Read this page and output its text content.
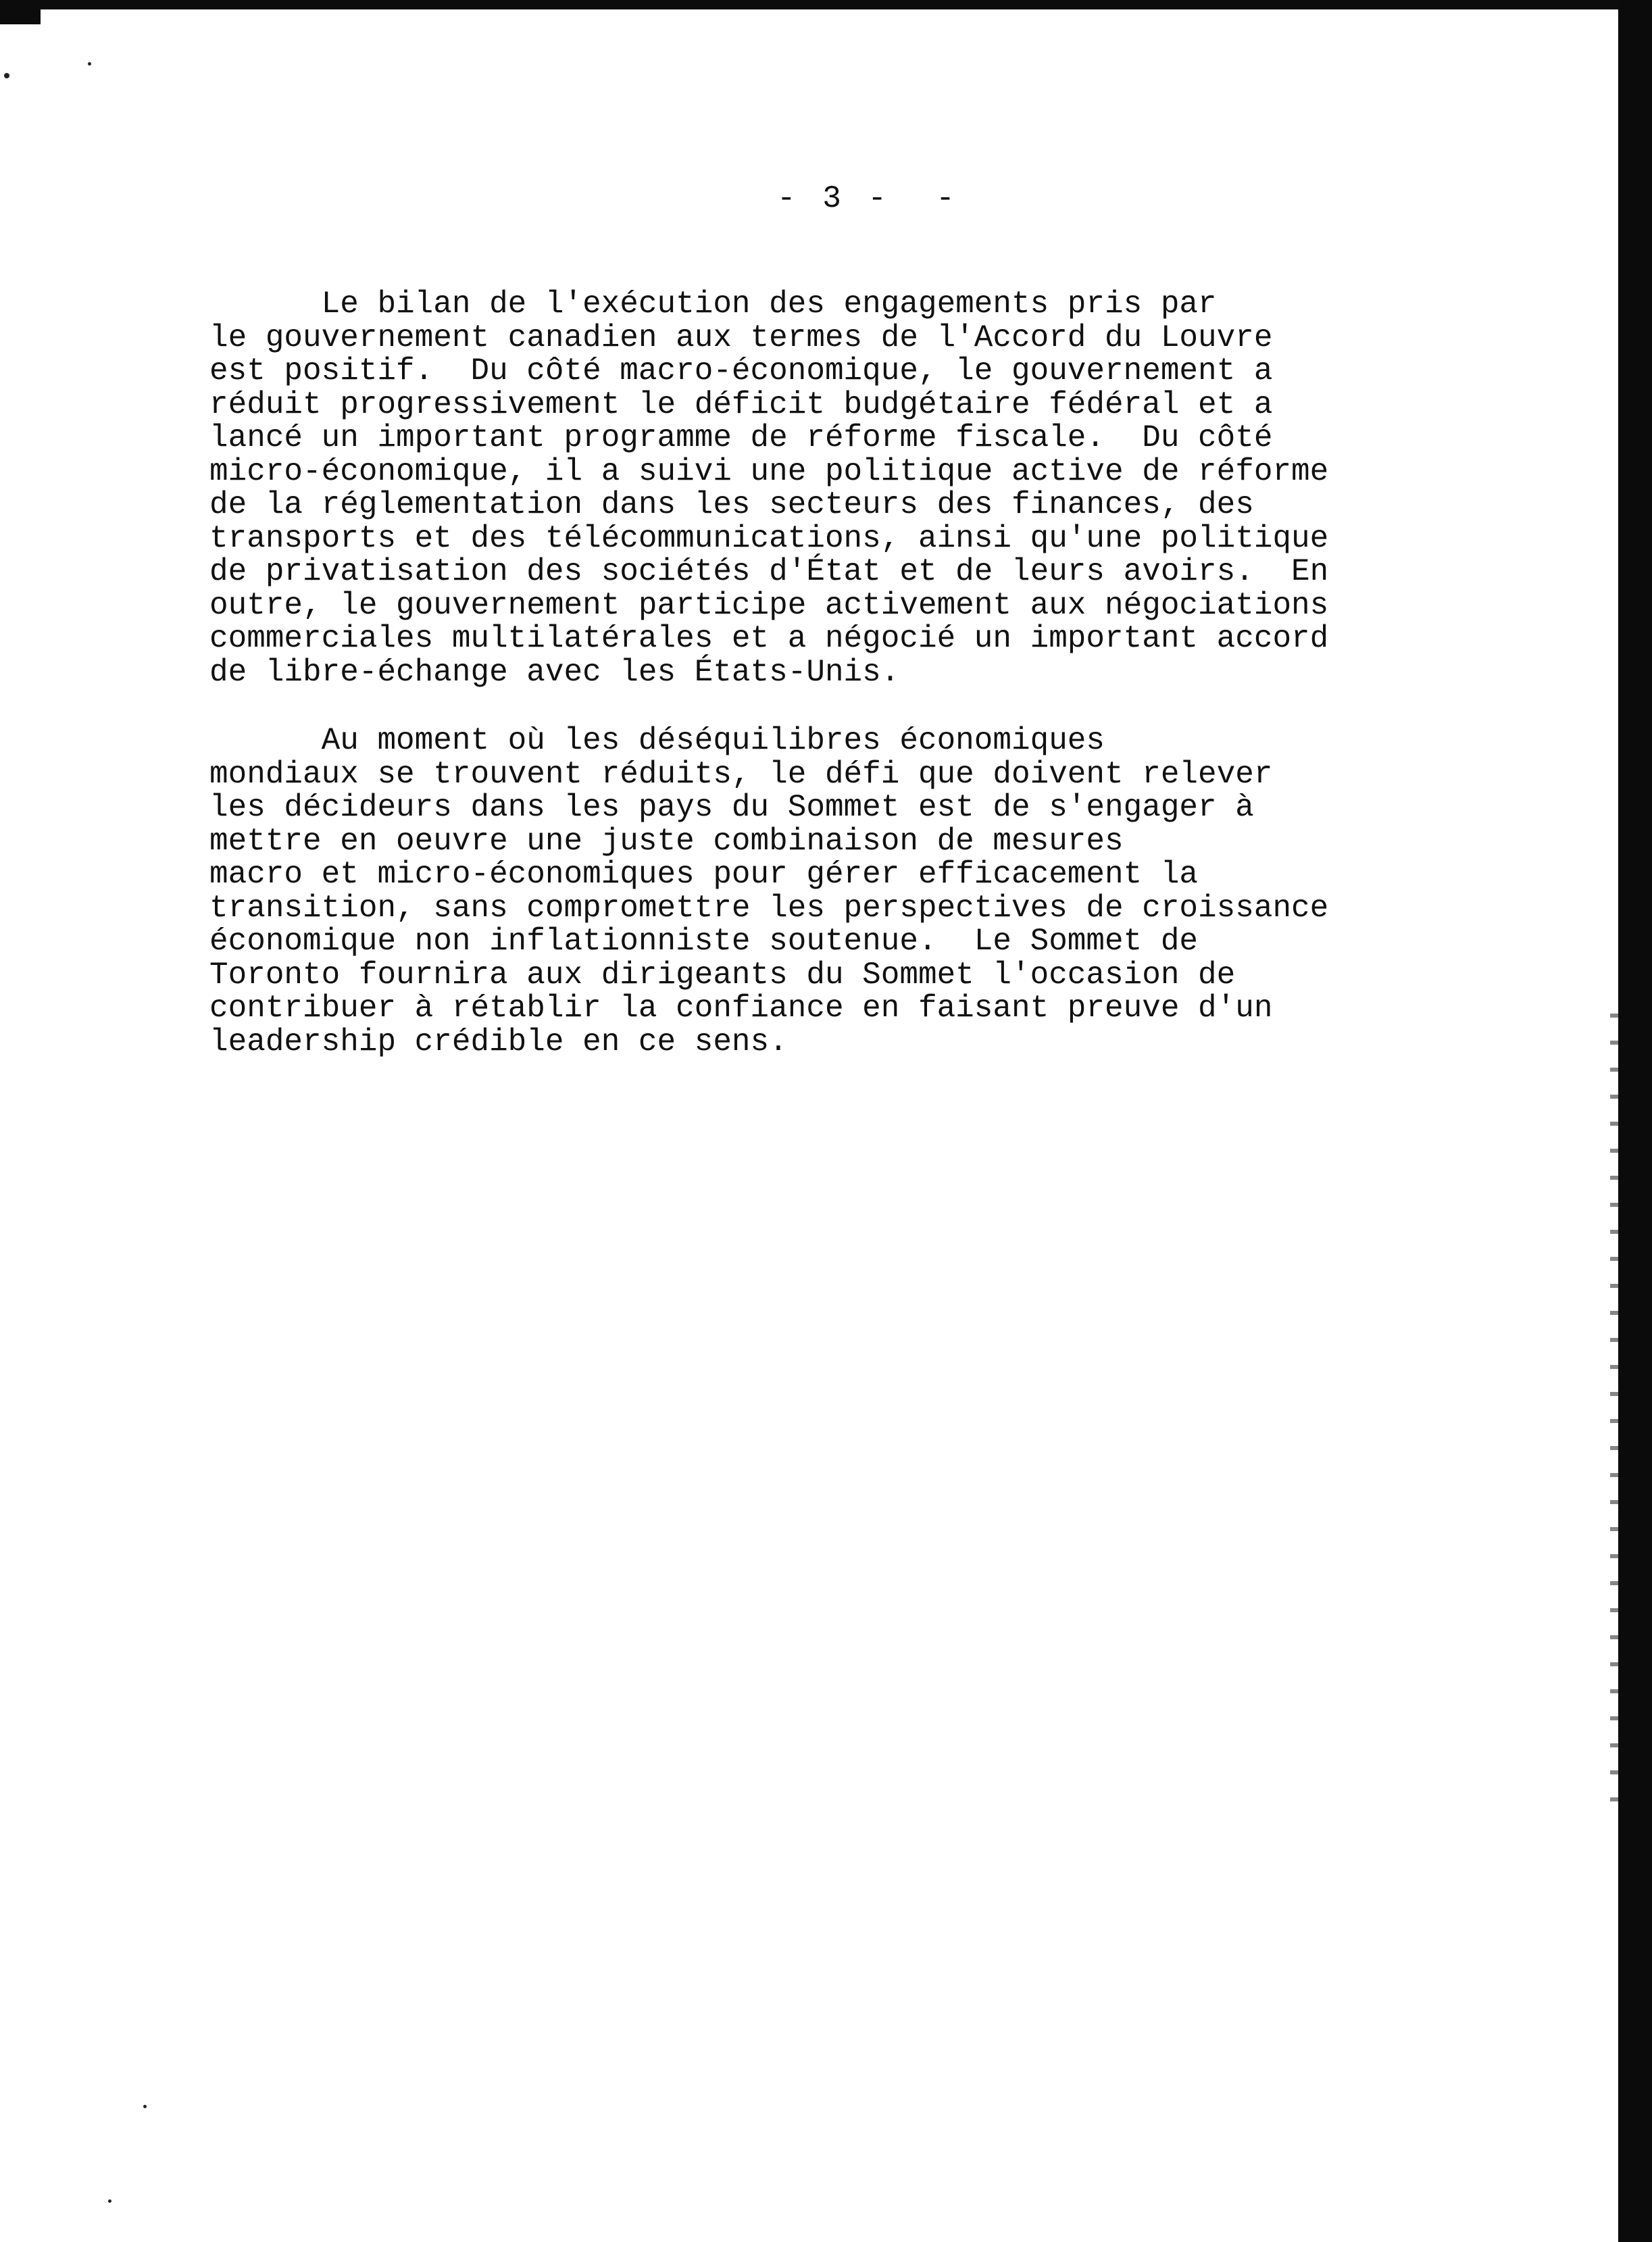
- 3 -  -
Le bilan de l'exécution des engagements pris par
le gouvernement canadien aux termes de l'Accord du Louvre
est positif.  Du côté macro-économique, le gouvernement a
réduit progressivement le déficit budgétaire fédéral et a
lancé un important programme de réforme fiscale.  Du côté
micro-économique, il a suivi une politique active de réforme
de la réglementation dans les secteurs des finances, des
transports et des télécommunications, ainsi qu'une politique
de privatisation des sociétés d'État et de leurs avoirs.  En
outre, le gouvernement participe activement aux négociations
commerciales multilatérales et a négocié un important accord
de libre-échange avec les États-Unis.
Au moment où les déséquilibres économiques
mondiaux se trouvent réduits, le défi que doivent relever
les décideurs dans les pays du Sommet est de s'engager à
mettre en oeuvre une juste combinaison de mesures
macro et micro-économiques pour gérer efficacement la
transition, sans compromettre les perspectives de croissance
économique non inflationniste soutenue.  Le Sommet de
Toronto fournira aux dirigeants du Sommet l'occasion de
contribuer à rétablir la confiance en faisant preuve d'un
leadership crédible en ce sens.
